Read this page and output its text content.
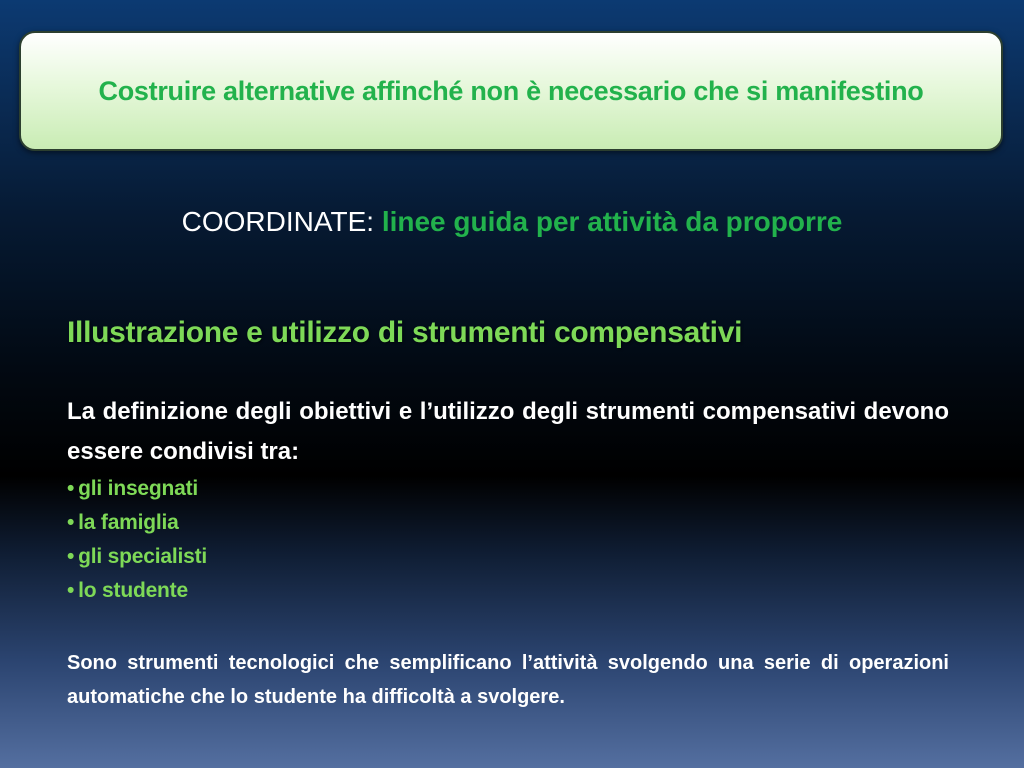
Costruire alternative affinché non è necessario che si manifestino
COORDINATE: linee guida per attività da proporre
Illustrazione e utilizzo di strumenti compensativi
La definizione degli obiettivi e l’utilizzo degli strumenti compensativi devono essere condivisi tra:
• gli insegnati
• la famiglia
• gli specialisti
• lo studente
Sono strumenti tecnologici che semplificano l’attività svolgendo una serie di operazioni automatiche che lo studente ha difficoltà a svolgere.
